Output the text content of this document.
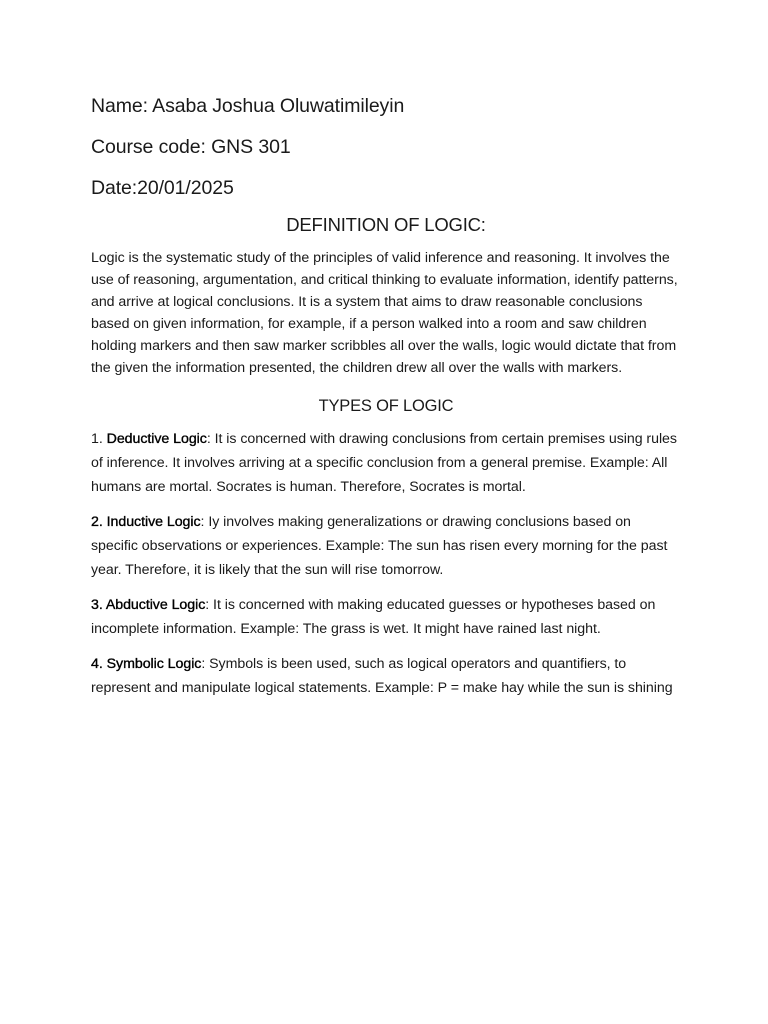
Name: Asaba Joshua Oluwatimileyin
Course code: GNS 301
Date:20/01/2025
DEFINITION OF LOGIC:

Logic is the systematic study of the principles of valid inference and reasoning. It involves the use of reasoning, argumentation, and critical thinking to evaluate information, identify patterns, and arrive at logical conclusions. It is a system that aims to draw reasonable conclusions based on given information, for example, if a person walked into a room and saw children holding markers and then saw marker scribbles all over the walls, logic would dictate that from the given the information presented, the children drew all over the walls with markers.

TYPES OF LOGIC

1. Deductive Logic: It is concerned with drawing conclusions from certain premises using rules of inference. It involves arriving at a specific conclusion from a general premise. Example: All humans are mortal. Socrates is human. Therefore, Socrates is mortal.

2. Inductive Logic: Iy involves making generalizations or drawing conclusions based on specific observations or experiences. Example: The sun has risen every morning for the past year. Therefore, it is likely that the sun will rise tomorrow.

3. Abductive Logic: It is concerned with making educated guesses or hypotheses based on incomplete information. Example: The grass is wet. It might have rained last night.

4. Symbolic Logic: Symbols is been used, such as logical operators and quantifiers, to represent and manipulate logical statements. Example: P = make hay while the sun is shining
